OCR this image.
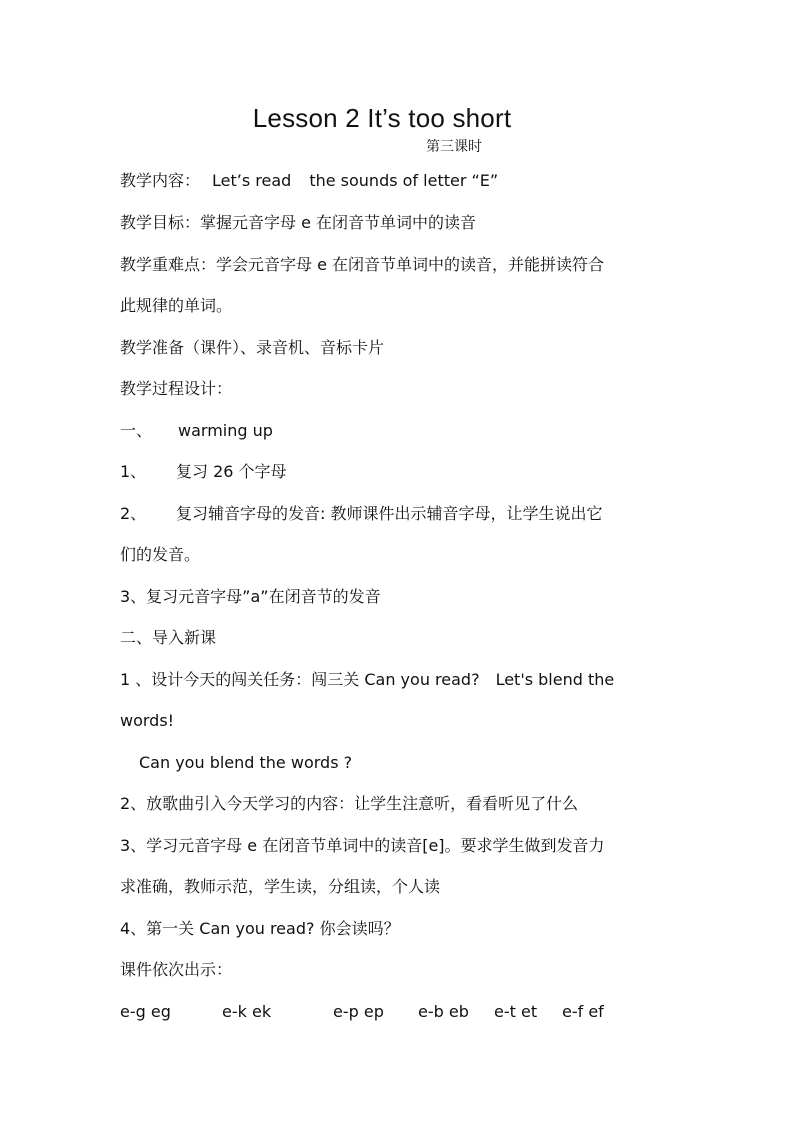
Lesson 2 It’s too short
第三课时
教学内容： Let’s read the sounds of letter “E”
教学目标：掌握元音字母 e 在闭音节单词中的读音
教学重难点：学会元音字母 e 在闭音节单词中的读音，并能拼读符合
此规律的单词。
教学准备（课件）、录音机、音标卡片
教学过程设计：
一、 warming up
1、 复习 26 个字母
2、 复习辅音字母的发音: 教师课件出示辅音字母，让学生说出它
们的发音。
3、复习元音字母”a”在闭音节的发音
二、导入新课
1 、设计今天的闯关任务：闯三关 Can you read?　Let's blend the
words!
Can you blend the words ?
2、放歌曲引入今天学习的内容：让学生注意听，看看听见了什么
3、学习元音字母 e 在闭音节单词中的读音[e]。要求学生做到发音力
求准确，教师示范，学生读，分组读，个人读
4、第一关 Can you read? 你会读吗？
课件依次出示：
e-g eg	e-k ek	e-p ep e-b eb e-t et e-f ef
